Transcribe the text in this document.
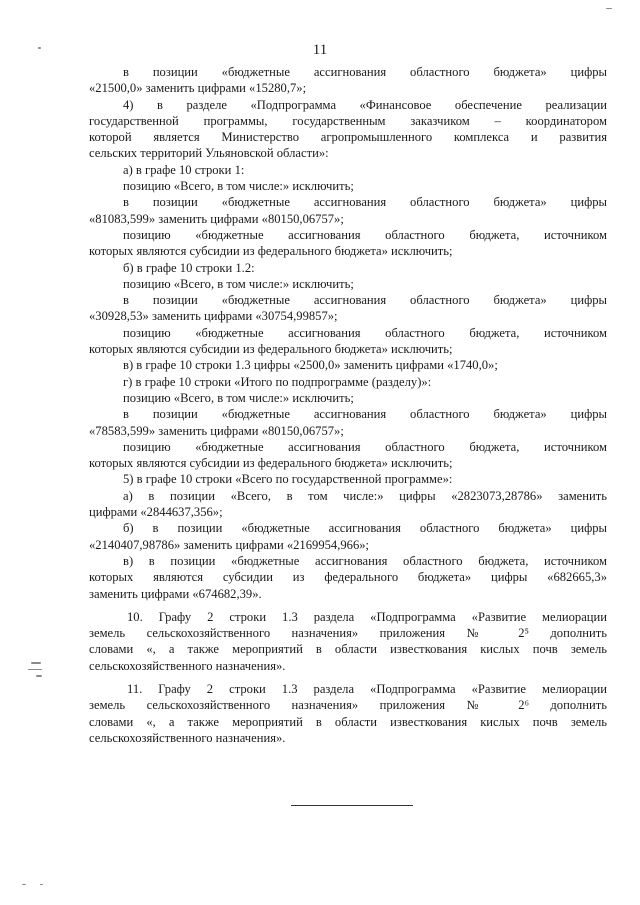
11
в позиции «бюджетные ассигнования областного бюджета» цифры
«21500,0» заменить цифрами «15280,7»;
4) в разделе «Подпрограмма «Финансовое обеспечение реализации
государственной программы, государственным заказчиком – координатором
которой является Министерство агропромышленного комплекса и развития
сельских территорий Ульяновской области»:
а) в графе 10 строки 1:
позицию «Всего, в том числе:» исключить;
в позиции «бюджетные ассигнования областного бюджета» цифры
«81083,599» заменить цифрами «80150,06757»;
позицию «бюджетные ассигнования областного бюджета, источником
которых являются субсидии из федерального бюджета» исключить;
б) в графе 10 строки 1.2:
позицию «Всего, в том числе:» исключить;
в позиции «бюджетные ассигнования областного бюджета» цифры
«30928,53» заменить цифрами «30754,99857»;
позицию «бюджетные ассигнования областного бюджета, источником
которых являются субсидии из федерального бюджета» исключить;
в) в графе 10 строки 1.3 цифры «2500,0» заменить цифрами «1740,0»;
г) в графе 10 строки «Итого по подпрограмме (разделу)»:
позицию «Всего, в том числе:» исключить;
в позиции «бюджетные ассигнования областного бюджета» цифры
«78583,599» заменить цифрами «80150,06757»;
позицию «бюджетные ассигнования областного бюджета, источником
которых являются субсидии из федерального бюджета» исключить;
5) в графе 10 строки «Всего по государственной программе»:
а) в позиции «Всего, в том числе:» цифры «2823073,28786» заменить
цифрами «2844637,356»;
б) в позиции «бюджетные ассигнования областного бюджета» цифры
«2140407,98786» заменить цифрами «2169954,966»;
в) в позиции «бюджетные ассигнования областного бюджета, источником
которых являются субсидии из федерального бюджета» цифры «682665,3»
заменить цифрами «674682,39».
10. Графу 2 строки 1.3 раздела «Подпрограмма «Развитие мелиорации
земель сельскохозяйственного назначения» приложения № 2⁵ дополнить
словами «, а также мероприятий в области известкования кислых почв земель
сельскохозяйственного назначения».
11. Графу 2 строки 1.3 раздела «Подпрограмма «Развитие мелиорации
земель сельскохозяйственного назначения» приложения № 2⁶ дополнить
словами «, а также мероприятий в области известкования кислых почв земель
сельскохозяйственного назначения».
